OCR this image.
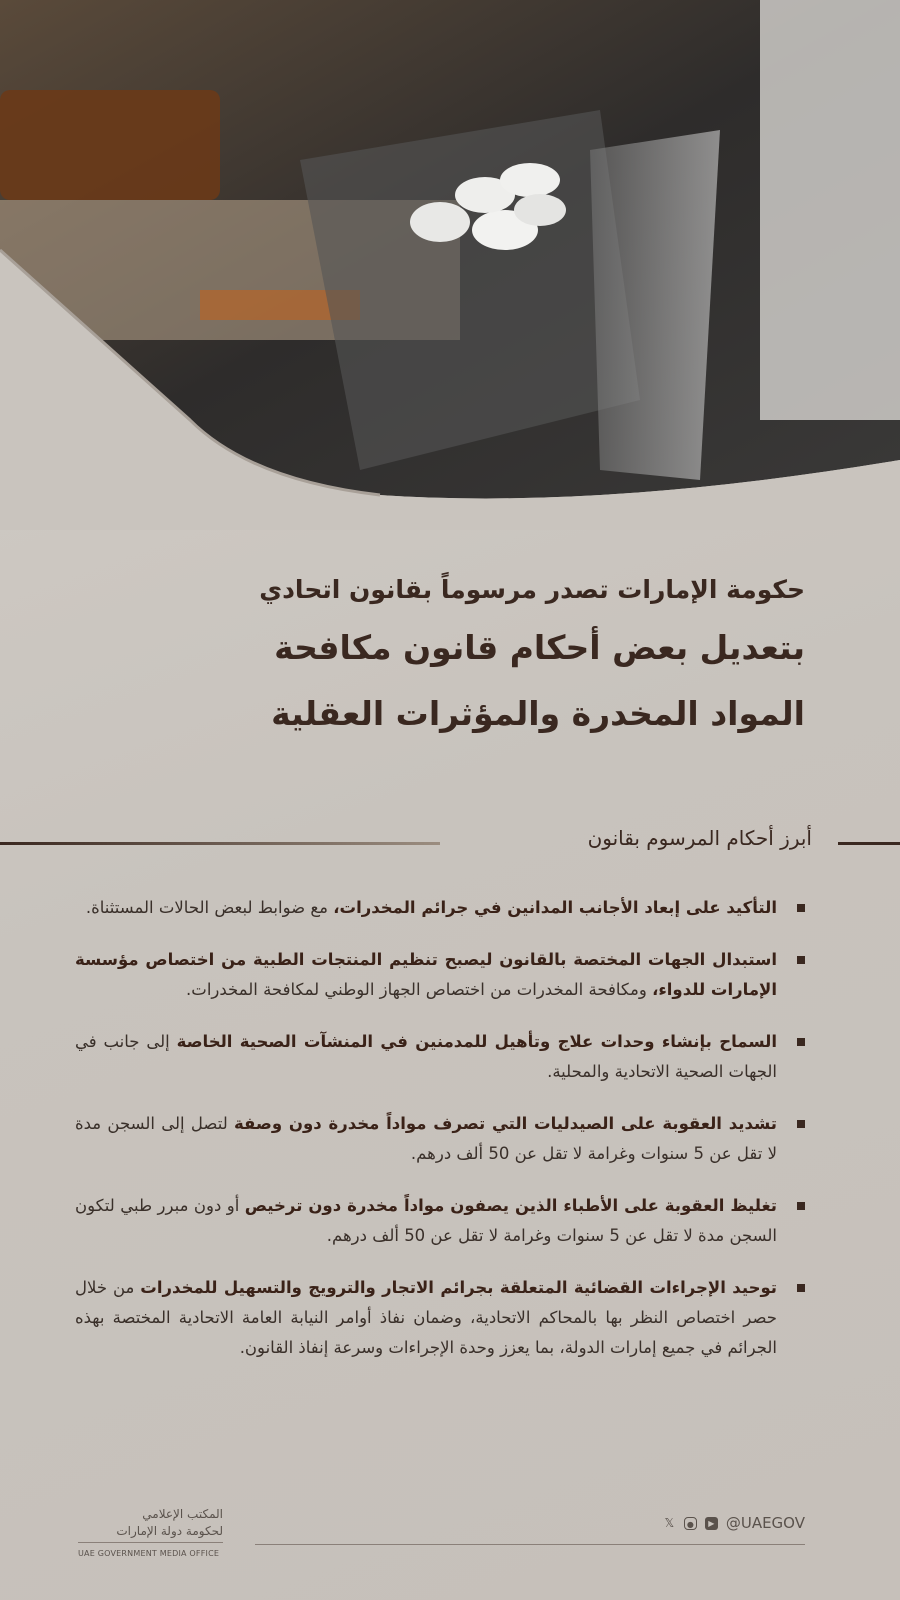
حكومة الإمارات تصدر مرسوماً بقانون اتحادي
بتعديل بعض أحكام قانون مكافحة
المواد المخدرة والمؤثرات العقلية
أبرز أحكام المرسوم بقانون
التأكيد على إبعاد الأجانب المدانين في جرائم المخدرات، مع ضوابط لبعض الحالات المستثناة.
استبدال الجهات المختصة بالقانون ليصبح تنظيم المنتجات الطبية من اختصاص مؤسسة الإمارات للدواء، ومكافحة المخدرات من اختصاص الجهاز الوطني لمكافحة المخدرات.
السماح بإنشاء وحدات علاج وتأهيل للمدمنين في المنشآت الصحية الخاصة إلى جانب في الجهات الصحية الاتحادية والمحلية.
تشديد العقوبة على الصيدليات التي تصرف مواداً مخدرة دون وصفة لتصل إلى السجن مدة لا تقل عن 5 سنوات وغرامة لا تقل عن 50 ألف درهم.
تغليظ العقوبة على الأطباء الذين يصفون مواداً مخدرة دون ترخيص أو دون مبرر طبي لتكون السجن مدة لا تقل عن 5 سنوات وغرامة لا تقل عن 50 ألف درهم.
توحيد الإجراءات القضائية المتعلقة بجرائم الاتجار والترويج والتسهيل للمخدرات من خلال حصر اختصاص النظر بها بالمحاكم الاتحادية، وضمان نفاذ أوامر النيابة العامة الاتحادية المختصة بهذه الجرائم في جميع إمارات الدولة، بما يعزز وحدة الإجراءات وسرعة إنفاذ القانون.
المكتب الإعلامي
لحكومة دولة الإمارات
UAE GOVERNMENT MEDIA OFFICE
𝕏	●	▶ @UAEGOV
